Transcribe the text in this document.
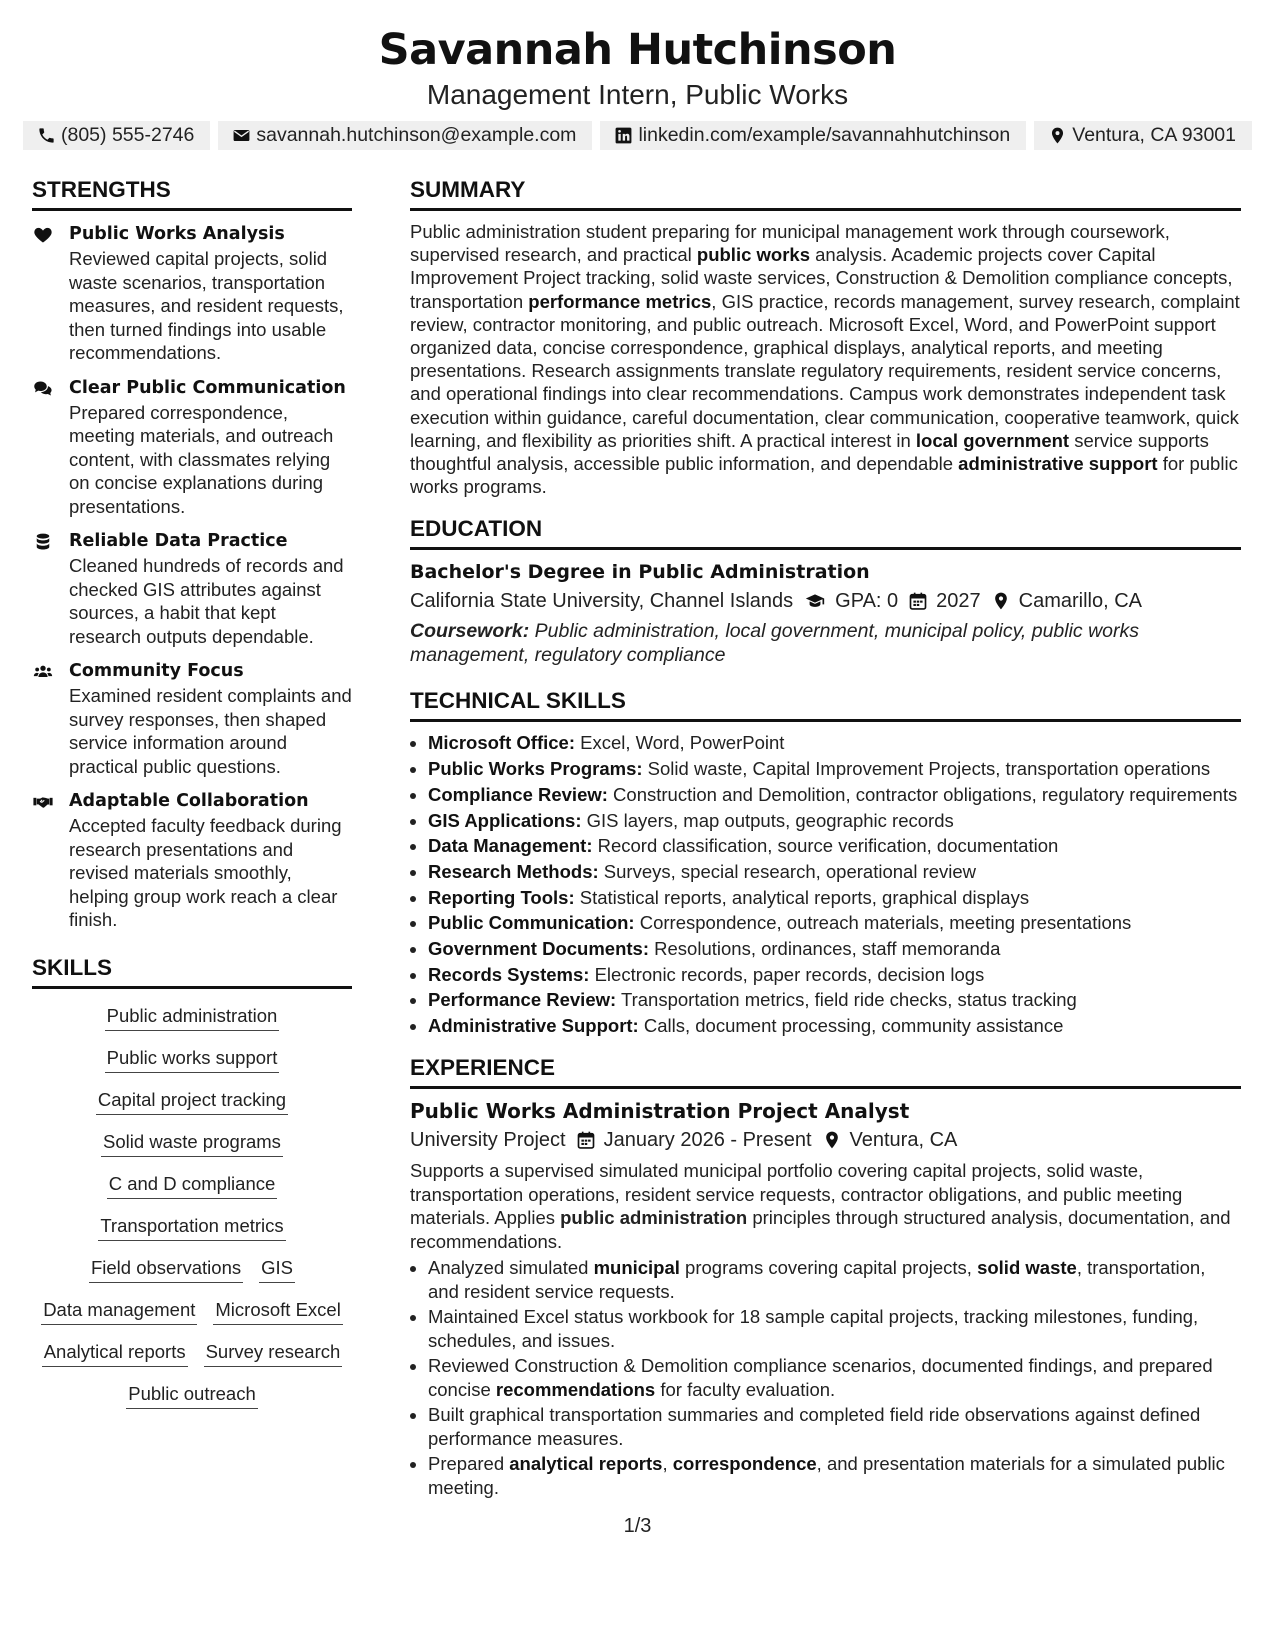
Savannah Hutchinson
Management Intern, Public Works
(805) 555-2746	savannah.hutchinson@example.com	linkedin.com/example/savannahhutchinson	Ventura, CA 93001
STRENGTHS
Public Works Analysis
Reviewed capital projects, solid waste scenarios, transportation measures, and resident requests, then turned findings into usable recommendations.
Clear Public Communication
Prepared correspondence, meeting materials, and outreach content, with classmates relying on concise explanations during presentations.
Reliable Data Practice
Cleaned hundreds of records and checked GIS attributes against sources, a habit that kept research outputs dependable.
Community Focus
Examined resident complaints and survey responses, then shaped service information around practical public questions.
Adaptable Collaboration
Accepted faculty feedback during research presentations and revised materials smoothly, helping group work reach a clear finish.
SKILLS
Public administration
Public works support
Capital project tracking
Solid waste programs
C and D compliance
Transportation metrics
Field observations GIS
Data management Microsoft Excel
Analytical reports Survey research
Public outreach
SUMMARY
Public administration student preparing for municipal management work through coursework, supervised research, and practical public works analysis. Academic projects cover Capital Improvement Project tracking, solid waste services, Construction & Demolition compliance concepts, transportation performance metrics, GIS practice, records management, survey research, complaint review, contractor monitoring, and public outreach. Microsoft Excel, Word, and PowerPoint support organized data, concise correspondence, graphical displays, analytical reports, and meeting presentations. Research assignments translate regulatory requirements, resident service concerns, and operational findings into clear recommendations. Campus work demonstrates independent task execution within guidance, careful documentation, clear communication, cooperative teamwork, quick learning, and flexibility as priorities shift. A practical interest in local government service supports thoughtful analysis, accessible public information, and dependable administrative support for public works programs.
EDUCATION
Bachelor's Degree in Public Administration
California State University, Channel Islands GPA: 0 2027 Camarillo, CA
Coursework: Public administration, local government, municipal policy, public works management, regulatory compliance
TECHNICAL SKILLS
• Microsoft Office: Excel, Word, PowerPoint
• Public Works Programs: Solid waste, Capital Improvement Projects, transportation operations
• Compliance Review: Construction and Demolition, contractor obligations, regulatory requirements
• GIS Applications: GIS layers, map outputs, geographic records
• Data Management: Record classification, source verification, documentation
• Research Methods: Surveys, special research, operational review
• Reporting Tools: Statistical reports, analytical reports, graphical displays
• Public Communication: Correspondence, outreach materials, meeting presentations
• Government Documents: Resolutions, ordinances, staff memoranda
• Records Systems: Electronic records, paper records, decision logs
• Performance Review: Transportation metrics, field ride checks, status tracking
• Administrative Support: Calls, document processing, community assistance
EXPERIENCE
Public Works Administration Project Analyst
University Project January 2026 - Present Ventura, CA
Supports a supervised simulated municipal portfolio covering capital projects, solid waste, transportation operations, resident service requests, contractor obligations, and public meeting materials. Applies public administration principles through structured analysis, documentation, and recommendations.
• Analyzed simulated municipal programs covering capital projects, solid waste, transportation, and resident service requests.
• Maintained Excel status workbook for 18 sample capital projects, tracking milestones, funding, schedules, and issues.
• Reviewed Construction & Demolition compliance scenarios, documented findings, and prepared concise recommendations for faculty evaluation.
• Built graphical transportation summaries and completed field ride observations against defined performance measures.
• Prepared analytical reports, correspondence, and presentation materials for a simulated public meeting.
1/3
